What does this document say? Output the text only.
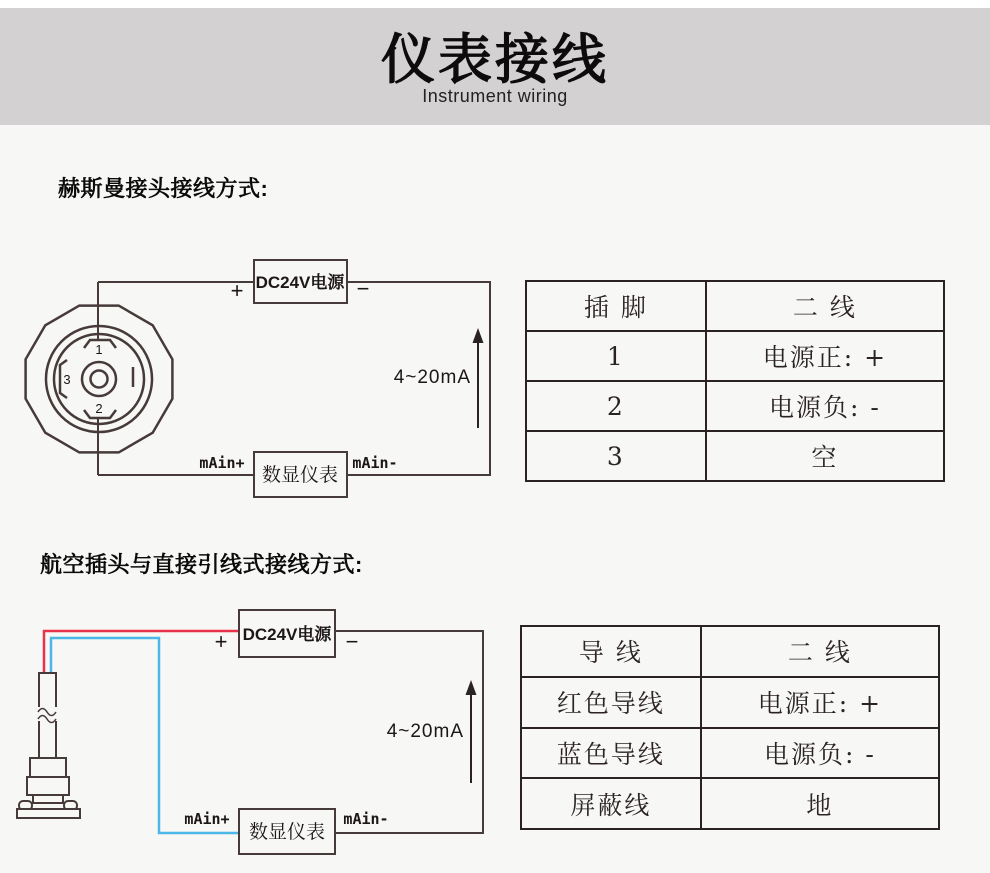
仪表接线
Instrument wiring
赫斯曼接头接线方式:
1
2
3
DC24V电源
+	−
数显仪表
mAin+	mAin-
4~20mA
插 脚	二 线
1	电源正: +
2	电源负: -
3	空
航空插头与直接引线式接线方式:
DC24V电源
+	−
数显仪表
mAin+	mAin-
4~20mA
导 线	二 线
红色导线	电源正: +
蓝色导线	电源负: -
屏蔽线	地
